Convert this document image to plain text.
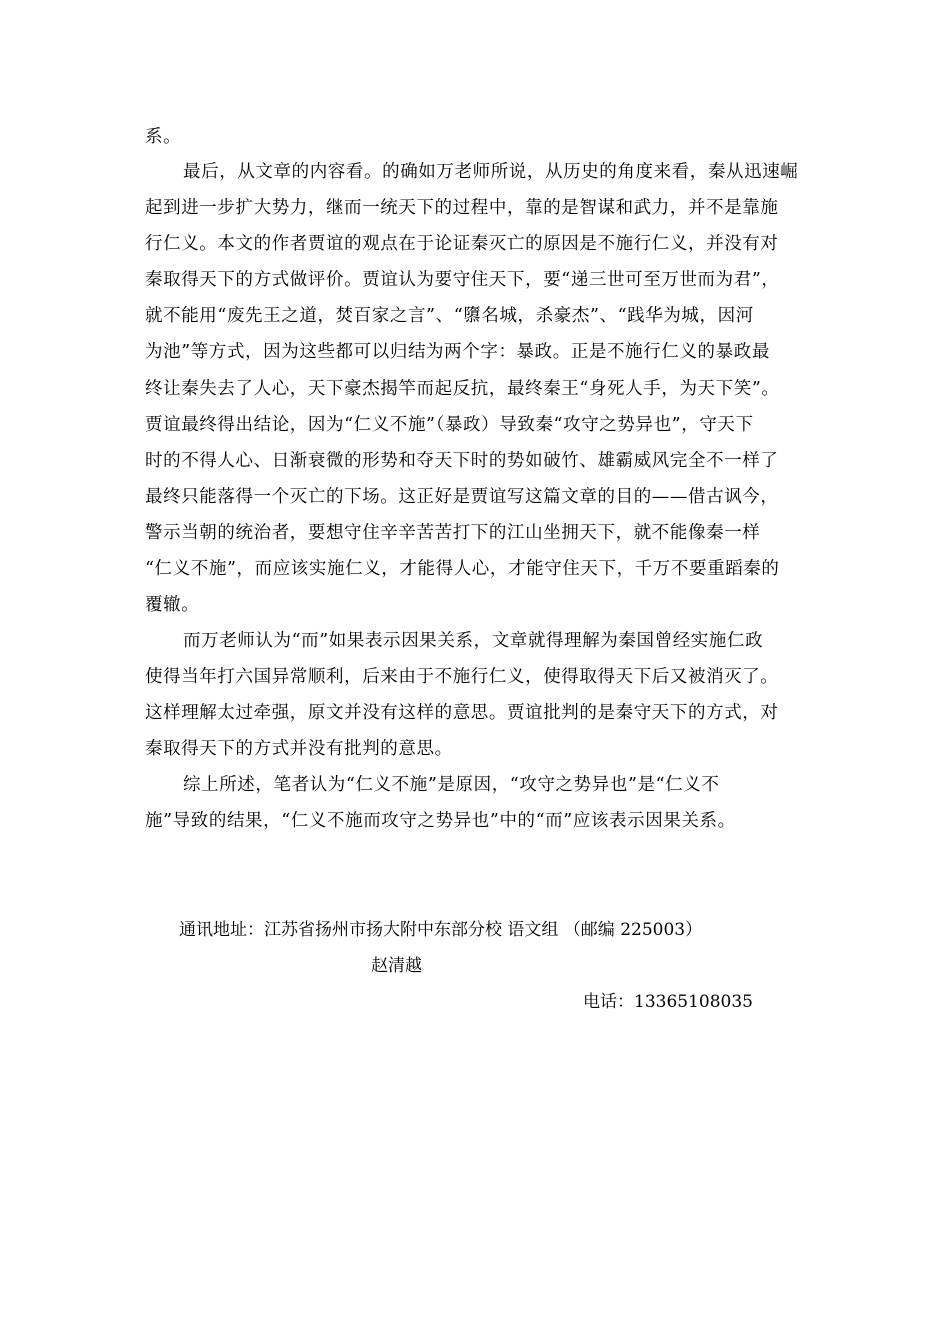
系。
最后，从文章的内容看。的确如万老师所说，从历史的角度来看，秦从迅速崛
起到进一步扩大势力，继而一统天下的过程中，靠的是智谋和武力，并不是靠施
行仁义。本文的作者贾谊的观点在于论证秦灭亡的原因是不施行仁义，并没有对
秦取得天下的方式做评价。贾谊认为要守住天下，要“递三世可至万世而为君”，
就不能用“废先王之道，焚百家之言”、“隳名城，杀豪杰”、“践华为城，因河
为池”等方式，因为这些都可以归结为两个字：暴政。正是不施行仁义的暴政最
终让秦失去了人心，天下豪杰揭竿而起反抗，最终秦王“身死人手，为天下笑”。
贾谊最终得出结论，因为“仁义不施”（暴政）导致秦“攻守之势异也”，守天下
时的不得人心、日渐衰微的形势和夺天下时的势如破竹、雄霸威风完全不一样了
最终只能落得一个灭亡的下场。这正好是贾谊写这篇文章的目的——借古讽今，
警示当朝的统治者，要想守住辛辛苦苦打下的江山坐拥天下，就不能像秦一样
“仁义不施”，而应该实施仁义，才能得人心，才能守住天下，千万不要重蹈秦的
覆辙。
而万老师认为“而”如果表示因果关系，文章就得理解为秦国曾经实施仁政
使得当年打六国异常顺利，后来由于不施行仁义，使得取得天下后又被消灭了。
这样理解太过牵强，原文并没有这样的意思。贾谊批判的是秦守天下的方式，对
秦取得天下的方式并没有批判的意思。
综上所述，笔者认为“仁义不施”是原因，“攻守之势异也”是“仁义不
施”导致的结果，“仁义不施而攻守之势异也”中的“而”应该表示因果关系。
通讯地址：江苏省扬州市扬大附中东部分校 语文组 （邮编 225003）
赵清越
电话：13365108035
